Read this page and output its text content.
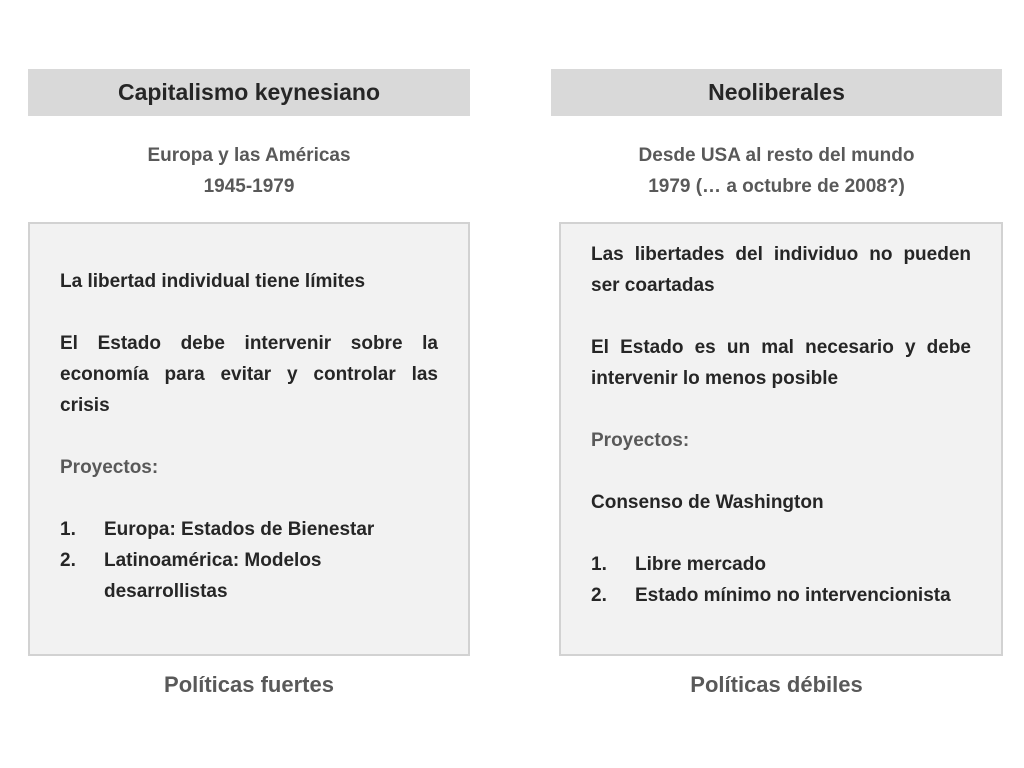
Capitalismo keynesiano
Europa y las Américas
1945-1979

La libertad individual tiene límites

El Estado debe intervenir sobre la economía para evitar y controlar las crisis

Proyectos:

1. Europa: Estados de Bienestar
2. Latinoamérica: Modelos desarrollistas
Políticas fuertes
Neoliberales
Desde USA al resto del mundo
1979 (… a octubre de 2008?)

Las libertades del individuo no pueden ser coartadas

El Estado es un mal necesario y debe intervenir lo menos posible

Proyectos:

Consenso de Washington

1. Libre mercado
2. Estado mínimo no intervencionista
Políticas débiles
